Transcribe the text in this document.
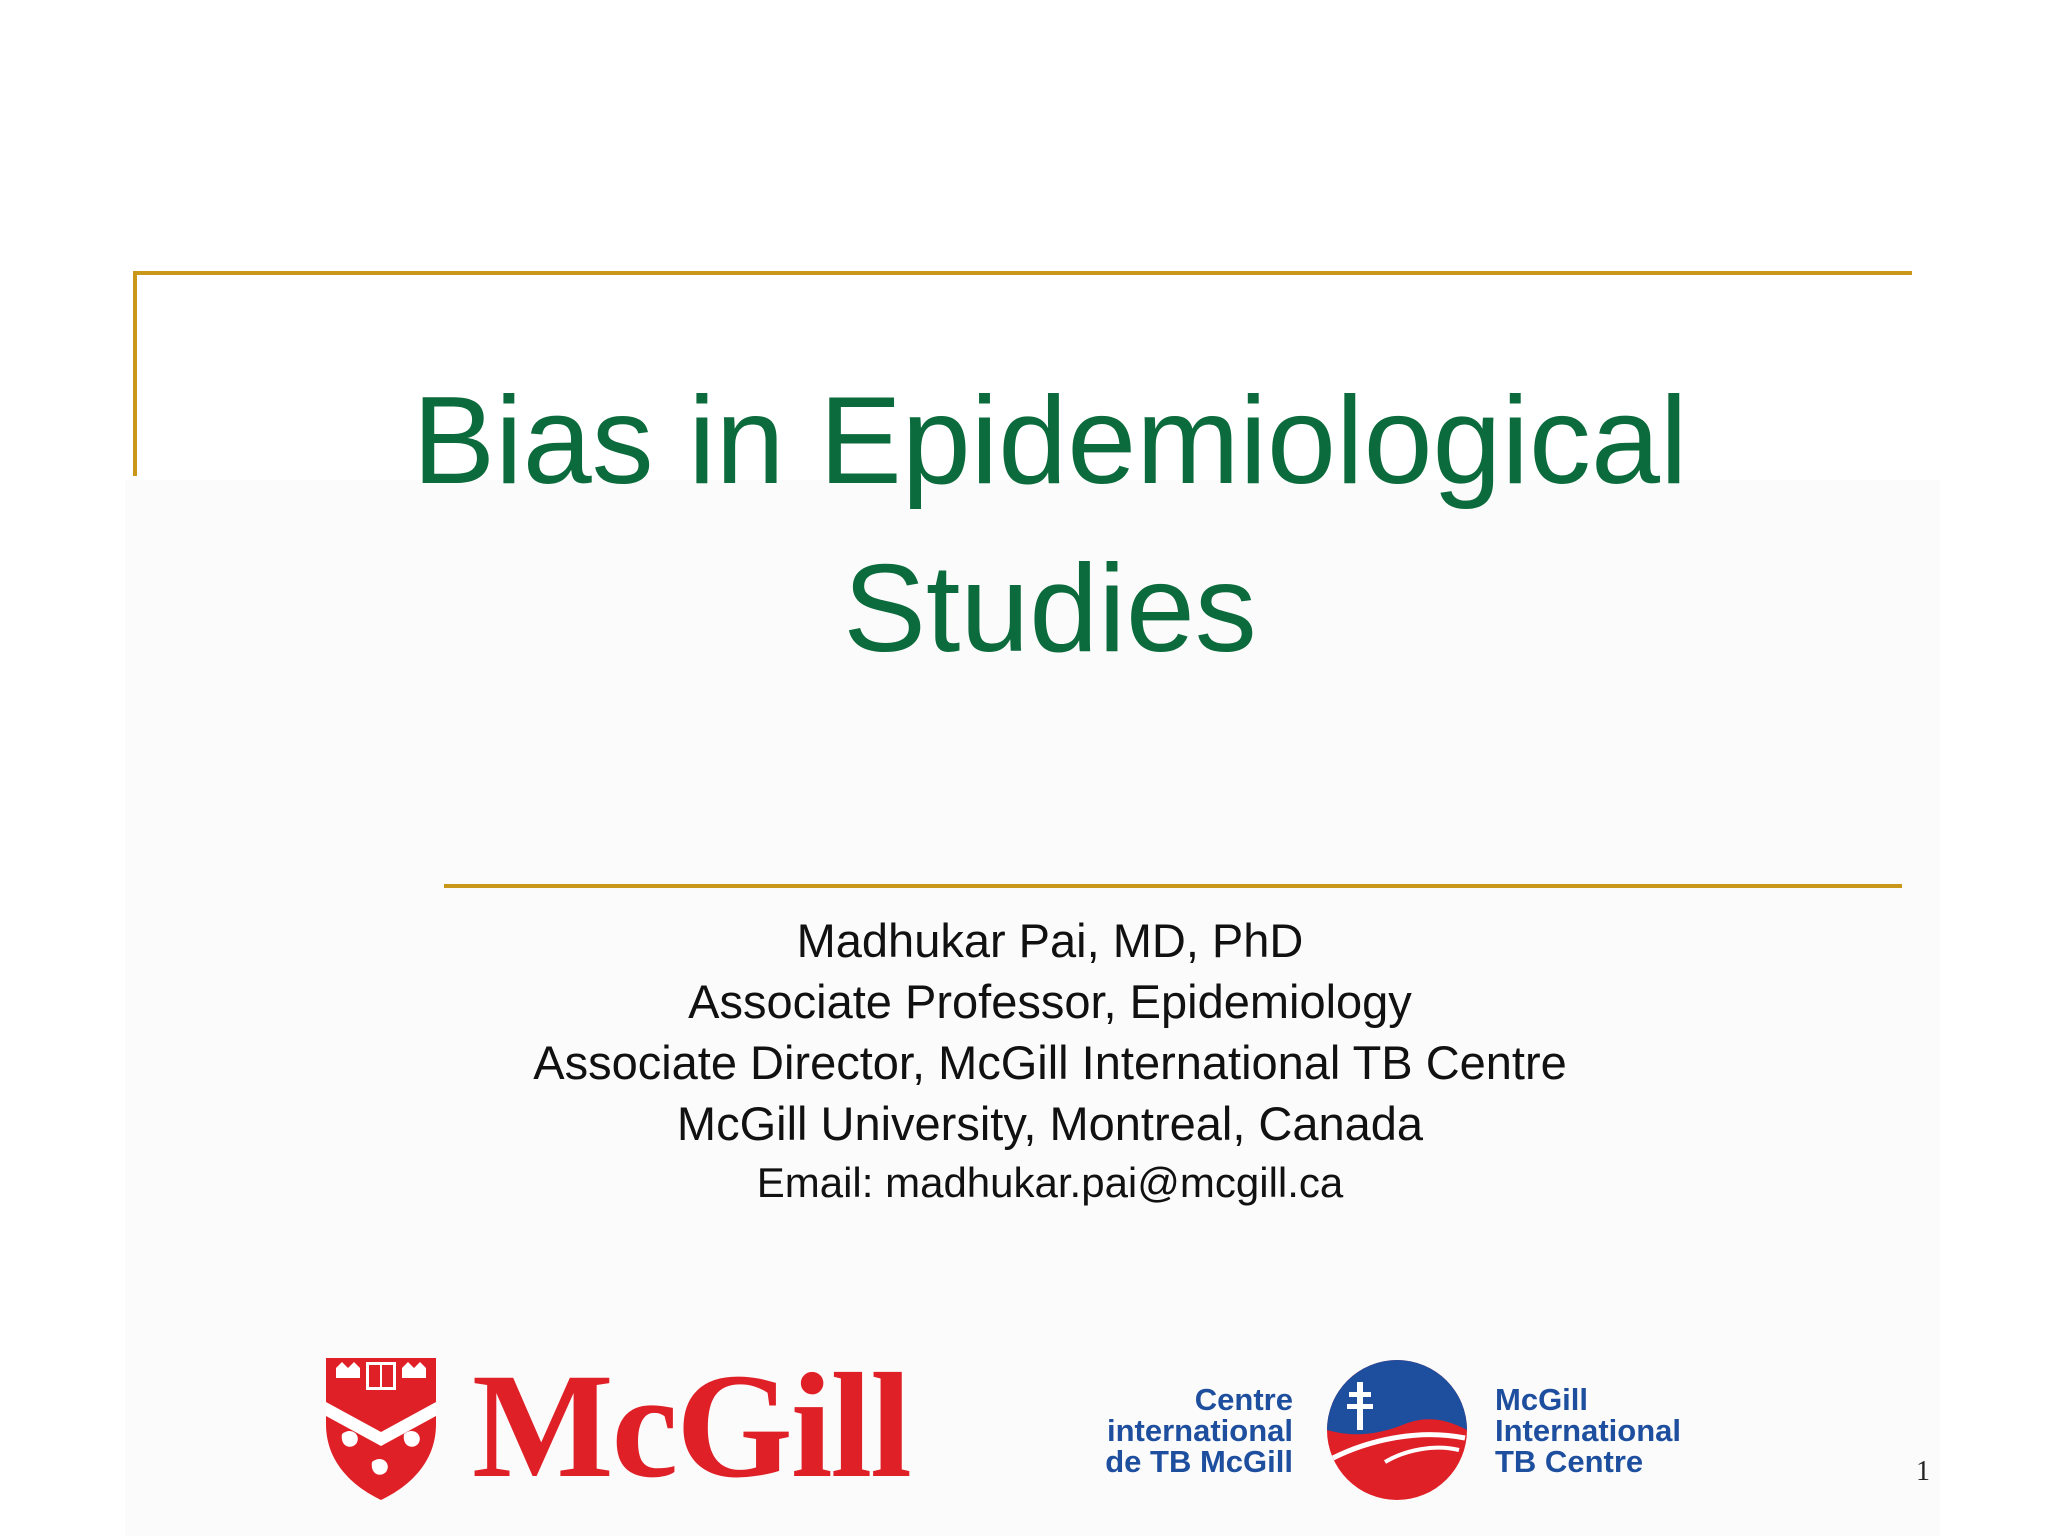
Bias in Epidemiological
Studies
Madhukar Pai, MD, PhD
Associate Professor, Epidemiology
Associate Director, McGill International TB Centre
McGill University, Montreal, Canada
Email: madhukar.pai@mcgill.ca
McGill	Centre
international
de TB McGill
McGill
International
TB Centre	1
